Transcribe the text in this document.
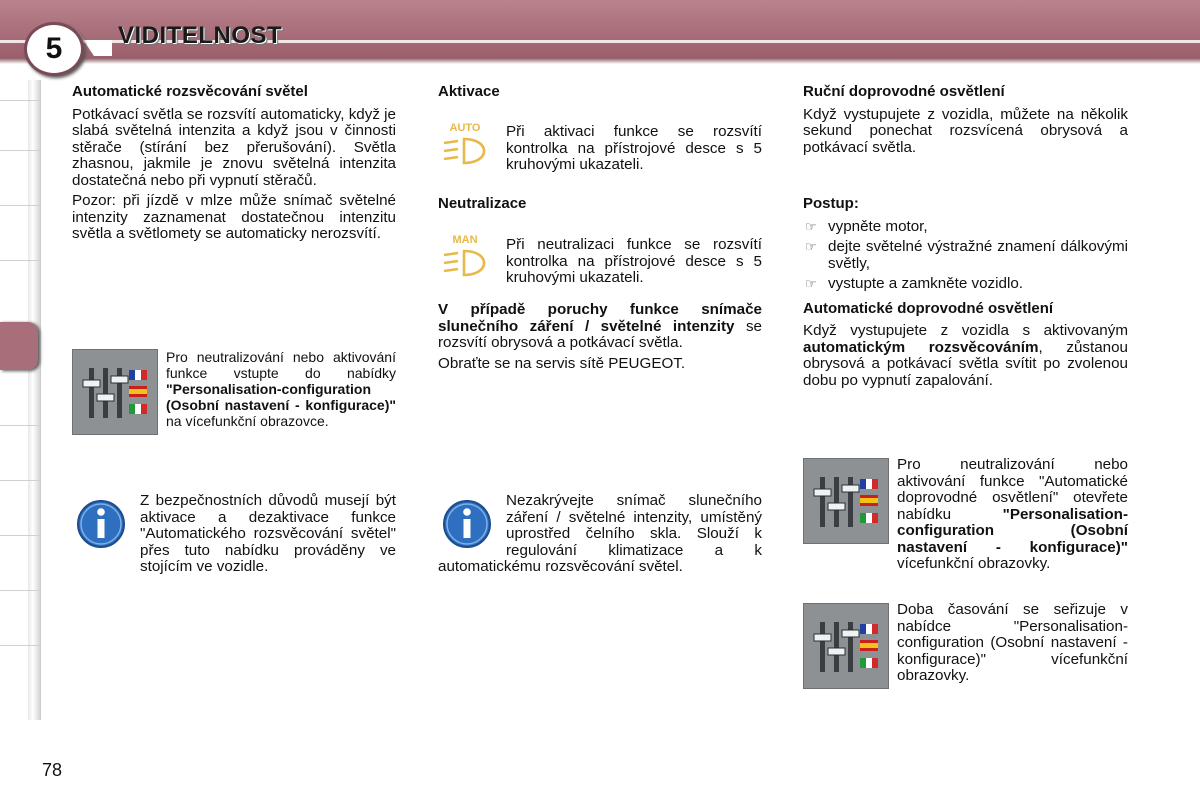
5	VIDITELNOST

Automatické rozsvěcování světel

Potkávací světla se rozsvítí automaticky, když je slabá světelná intenzita a když jsou v činnosti stěrače (stírání bez přerušování). Světla zhasnou, jakmile je znovu světelná intenzita dostatečná nebo při vypnutí stěračů.

Pozor: při jízdě v mlze může snímač světelné intenzity zaznamenat dostatečnou intenzitu světla a světlomety se automaticky nerozsvítí.

Pro neutralizování nebo aktivování funkce vstupte do nabídky "Personalisation-configuration (Osobní nastavení - konfigurace)" na vícefunkční obrazovce.

Z bezpečnostních důvodů musejí být aktivace a dezaktivace funkce "Automatického rozsvěcování světel" přes tuto nabídku prováděny ve stojícím ve vozidle.

Aktivace

AUTO	Při aktivaci funkce se rozsvítí kontrolka na přístrojové desce s 5 kruhovými ukazateli.

Neutralizace

MAN	Při neutralizaci funkce se rozsvítí kontrolka na přístrojové desce s 5 kruhovými ukazateli.

V případě poruchy funkce snímače slunečního záření / světelné intenzity se rozsvítí obrysová a potkávací světla.

Obraťte se na servis sítě PEUGEOT.

Nezakrývejte snímač slunečního záření / světelné intenzity, umístěný uprostřed čelního skla. Slouží k regulování klimatizace a k automatickému rozsvěcování světel.

Ruční doprovodné osvětlení

Když vystupujete z vozidla, můžete na několik sekund ponechat rozsvícená obrysová a potkávací světla.

Postup:

☞ vypněte motor,
☞ dejte světelné výstražné znamení dálkovými světly,
☞ vystupte a zamkněte vozidlo.

Automatické doprovodné osvětlení

Když vystupujete z vozidla s aktivovaným automatickým rozsvěcováním, zůstanou obrysová a potkávací světla svítit po zvolenou dobu po vypnutí zapalování.

Pro neutralizování nebo aktivování funkce "Automatické doprovodné osvětlení" otevřete nabídku "Personalisation-configuration (Osobní nastavení - konfigurace)" vícefunkční obrazovky.

Doba časování se seřizuje v nabídce "Personalisation-configuration (Osobní nastavení - konfigurace)" vícefunkční obrazovky.

78
